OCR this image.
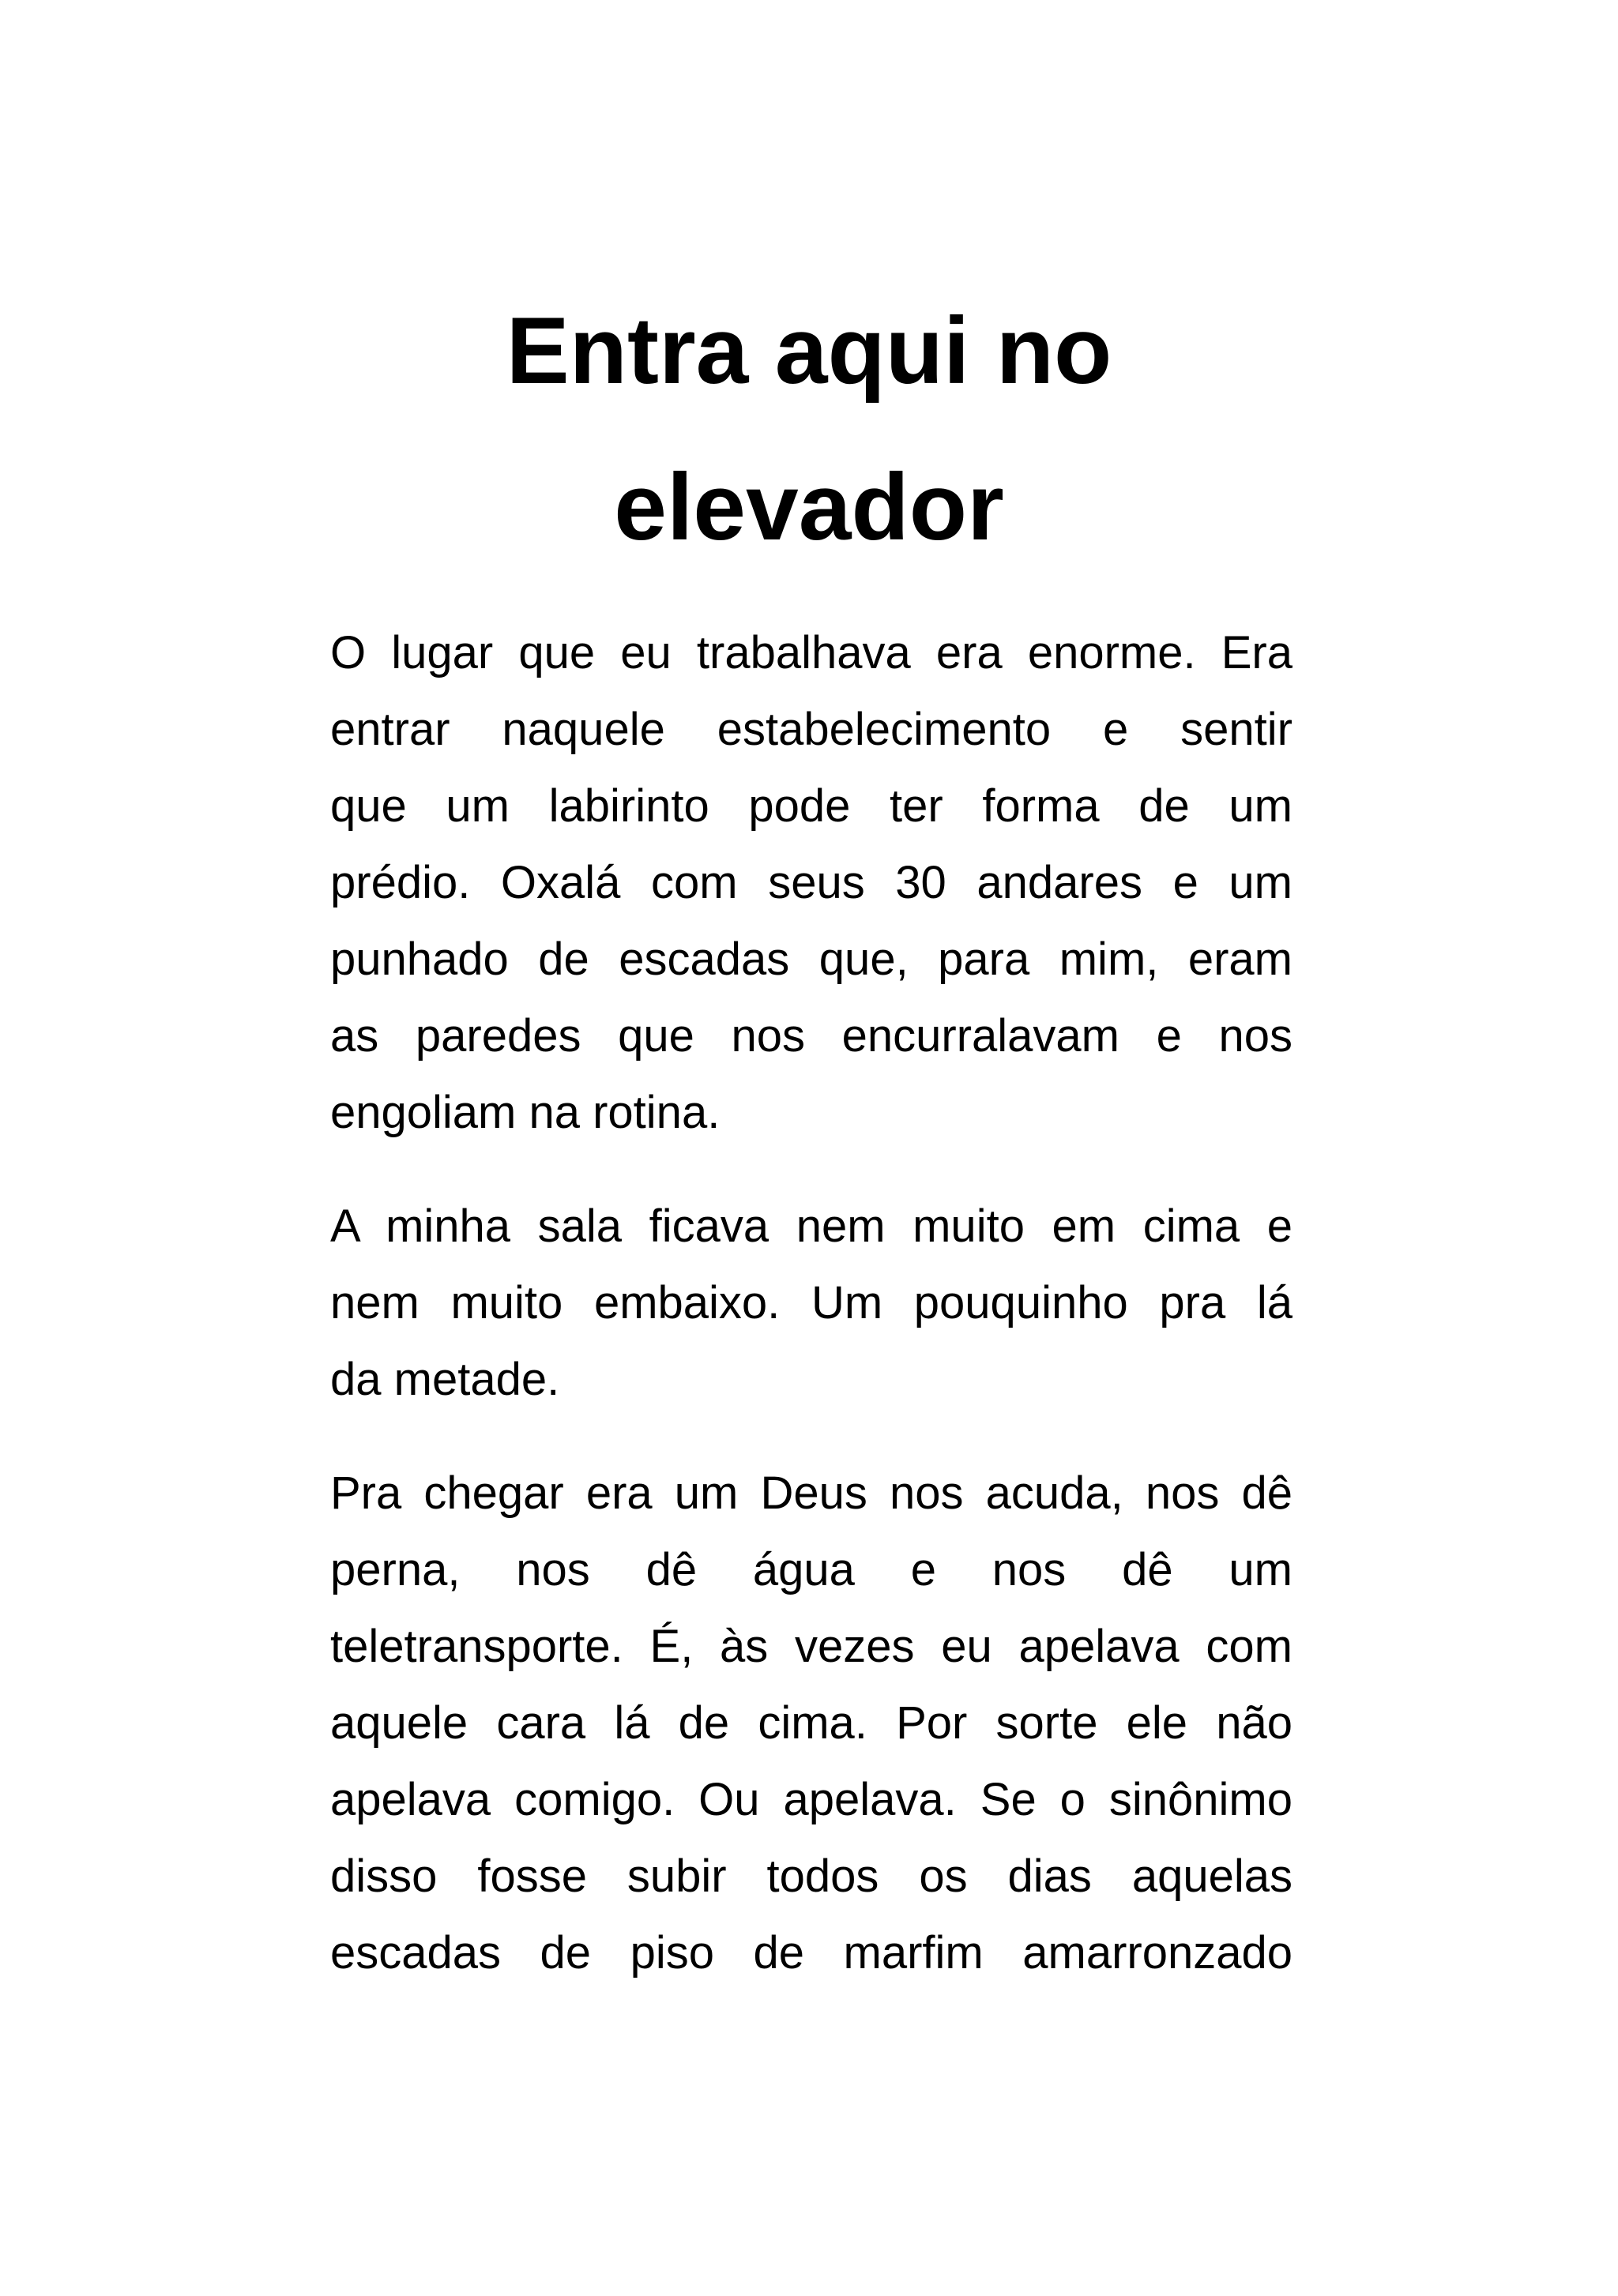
Entra aqui no
elevador

O lugar que eu trabalhava era enorme. Era
entrar naquele estabelecimento e sentir
que um labirinto pode ter forma de um
prédio. Oxalá com seus 30 andares e um
punhado de escadas que, para mim, eram
as paredes que nos encurralavam e nos
engoliam na rotina.

A minha sala ficava nem muito em cima e
nem muito embaixo. Um pouquinho pra lá
da metade.

Pra chegar era um Deus nos acuda, nos dê
perna, nos dê água e nos dê um
teletransporte. É, às vezes eu apelava com
aquele cara lá de cima. Por sorte ele não
apelava comigo. Ou apelava. Se o sinônimo
disso fosse subir todos os dias aquelas
escadas de piso de marfim amarronzado
